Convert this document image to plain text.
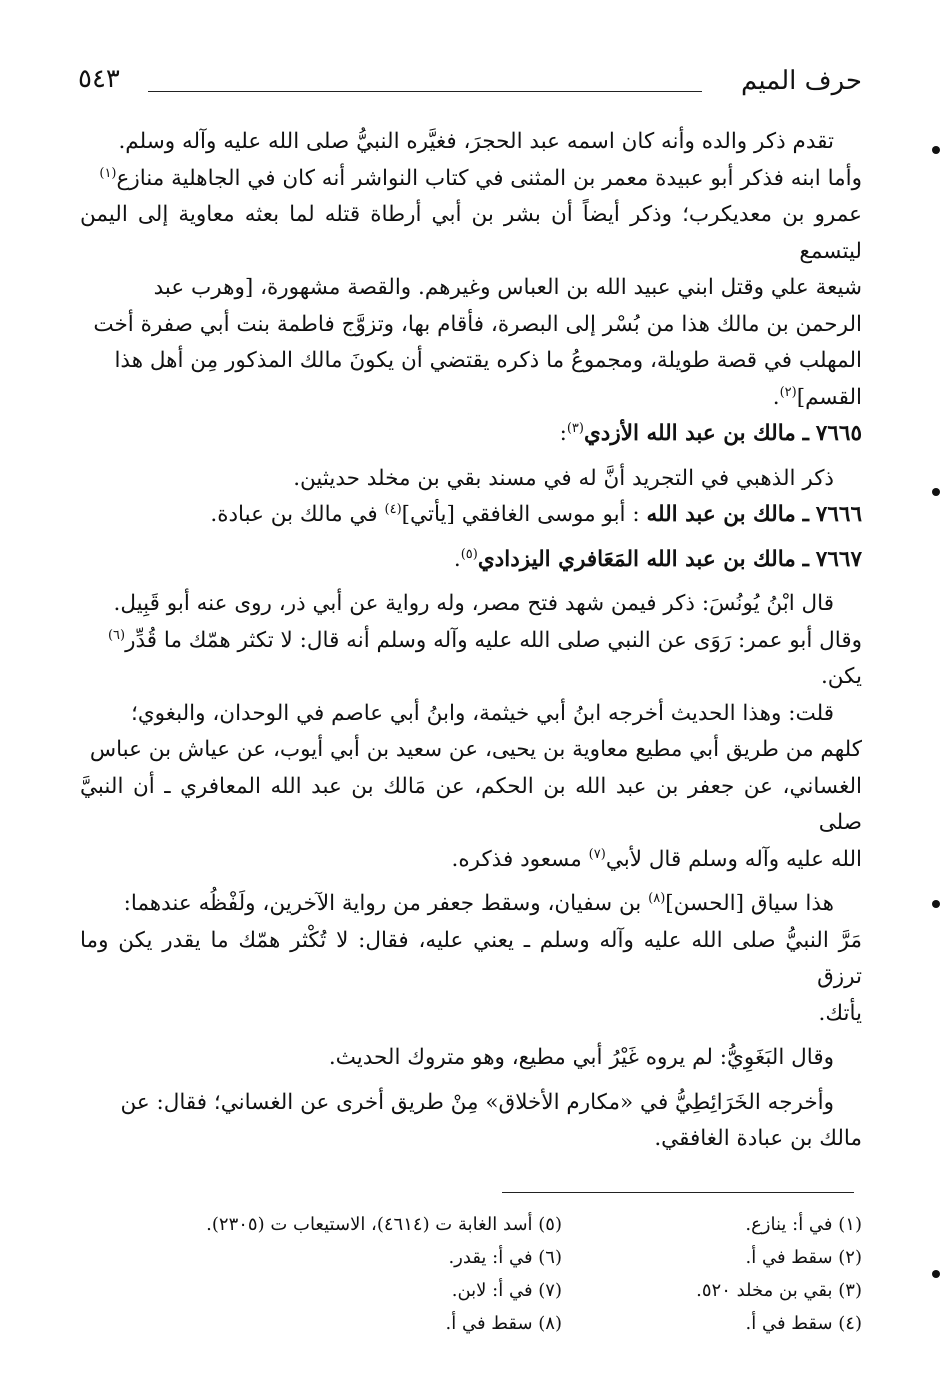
حرف الميم
٥٤٣

تقدم ذكر والده وأنه كان اسمه عبد الحجرَ، فغيَّره النبيُّ صلى الله عليه وآله وسلم.

وأما ابنه فذكر أبو عبيدة معمر بن المثنى في كتاب النواشر أنه كان في الجاهلية منازع$^{(١)}$

عمرو بن معديكرب؛ وذكر أيضاً أن بشر بن أبي أرطاة قتله لما بعثه معاوية إلى اليمن ليتسمع

شيعة علي وقتل ابني عبيد الله بن العباس وغيرهم. والقصة مشهورة، [وهرب عبد

الرحمن بن مالك هذا من بُسْر إلى البصرة، فأقام بها، وتزوَّج فاطمة بنت أبي صفرة أخت

المهلب في قصة طويلة، ومجموعُ ما ذكره يقتضي أن يكونَ مالك المذكور مِن أهل هذا

القسم]$^{(٢)}$.

٧٦٦٥ ـ مالك بن عبد الله الأزدي$^{(٣)}$:

ذكر الذهبي في التجريد أنَّ له في مسند بقي بن مخلد حديثين.

٧٦٦٦ ـ مالك بن عبد الله : أبو موسى الغافقي [يأتي]$^{(٤)}$ في مالك بن عبادة.

٧٦٦٧ ـ مالك بن عبد الله المَعَافري اليزدادي$^{(٥)}$.

قال ابْنُ يُونُسَ: ذكر فيمن شهد فتح مصر، وله رواية عن أبي ذر، روى عنه أبو قَبِيل.

وقال أبو عمر: رَوَى عن النبي صلى الله عليه وآله وسلم أنه قال: لا تكثر همّك ما قُدِّر$^{(٦)}$

يكن.

قلت: وهذا الحديث أخرجه ابنُ أبي خيثمة، وابنُ أبي عاصم في الوحدان، والبغوي؛

كلهم من طريق أبي مطيع معاوية بن يحيى، عن سعيد بن أبي أيوب، عن عياش بن عباس

الغساني، عن جعفر بن عبد الله بن الحكم، عن مَالك بن عبد الله المعافري ـ أن النبيَّ صلى

الله عليه وآله وسلم قال لأبي$^{(٧)}$ مسعود فذكره.

هذا سياق [الحسن]$^{(٨)}$ بن سفيان، وسقط جعفر من رواية الآخرين، ولَفْظُه عندهما:

مَرَّ النبيُّ صلى الله عليه وآله وسلم ـ يعني عليه، فقال: لا تُكْثر همّك ما يقدر يكن وما ترزق

يأتك.

وقال البَغَوِيُّ: لم يروه غَيْرُ أبي مطيع، وهو متروك الحديث.

وأخرجه الخَرَائِطِيُّ في «مكارم الأخلاق» مِنْ طريق أخرى عن الغساني؛ فقال: عن

مالك بن عبادة الغافقي.

(١) في أ: ينازع.
(٢) سقط في أ.
(٣) بقي بن مخلد ٥٢٠.
(٤) سقط في أ.
(٥) أسد الغابة ت (٤٦١٤)، الاستيعاب ت (٢٣٠٥).
(٦) في أ: يقدر.
(٧) في أ: لابن.
(٨) سقط في أ.
